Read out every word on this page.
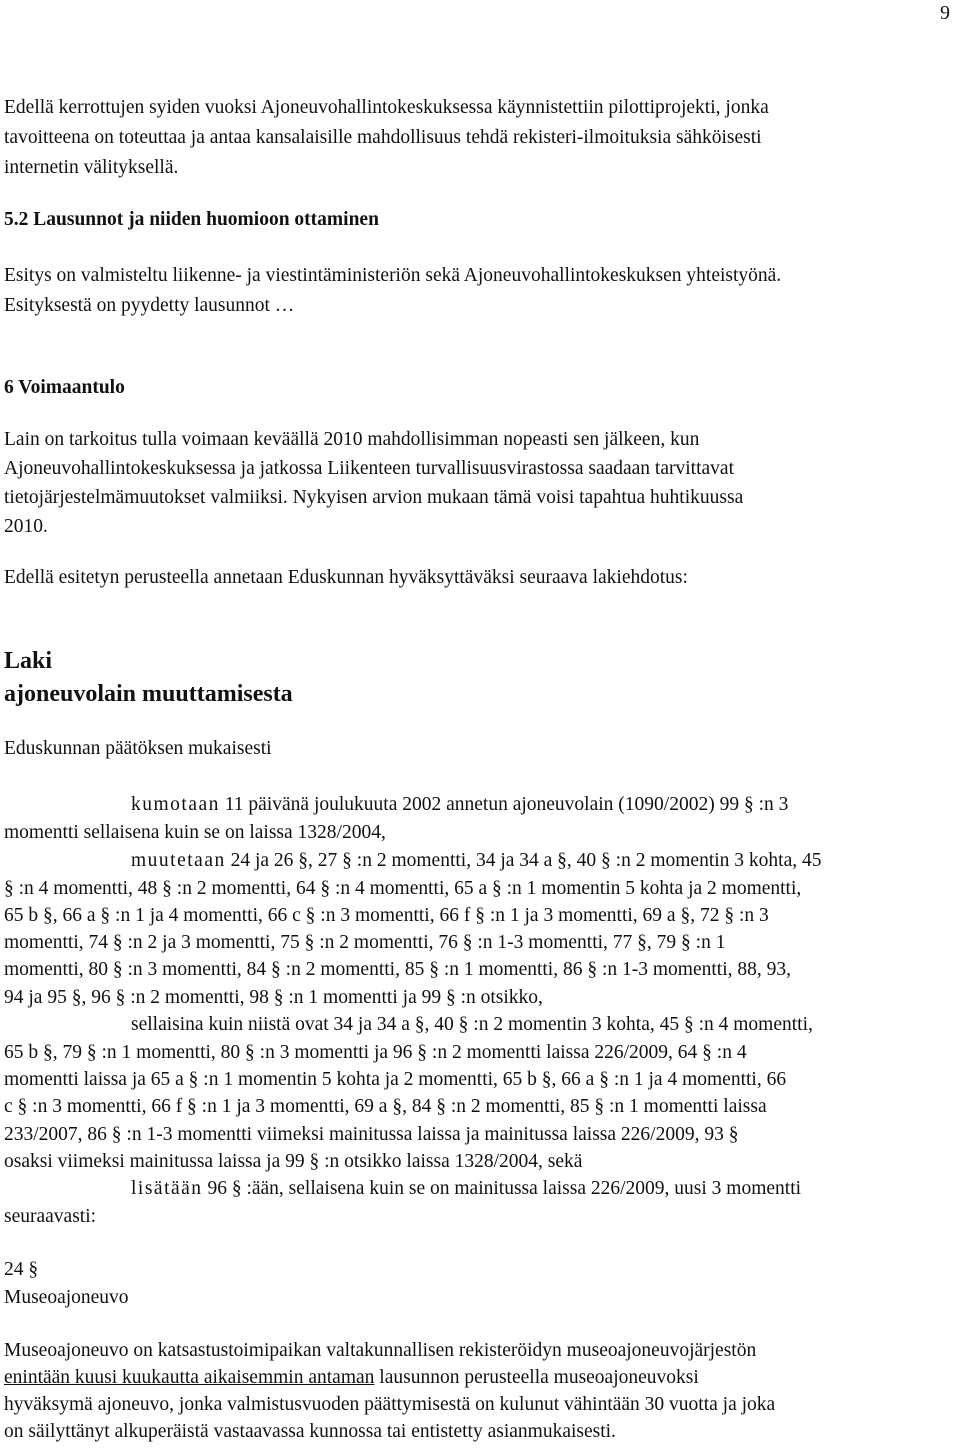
9
Edellä kerrottujen syiden vuoksi Ajoneuvohallintokeskuksessa käynnistettiin pilottiprojekti, jonka
tavoitteena on toteuttaa ja antaa kansalaisille mahdollisuus tehdä rekisteri-ilmoituksia sähköisesti
internetin välityksellä.
5.2 Lausunnot ja niiden huomioon ottaminen
Esitys on valmisteltu liikenne- ja viestintäministeriön sekä Ajoneuvohallintokeskuksen yhteistyönä.
Esityksestä on pyydetty lausunnot …
6 Voimaantulo
Lain on tarkoitus tulla voimaan keväällä 2010 mahdollisimman nopeasti sen jälkeen, kun
Ajoneuvohallintokeskuksessa ja jatkossa Liikenteen turvallisuusvirastossa saadaan tarvittavat
tietojärjestelmämuutokset valmiiksi. Nykyisen arvion mukaan tämä voisi tapahtua huhtikuussa
2010.
Edellä esitetyn perusteella annetaan Eduskunnan hyväksyttäväksi seuraava lakiehdotus:
Laki
ajoneuvolain muuttamisesta
Eduskunnan päätöksen mukaisesti
kumotaan 11 päivänä joulukuuta 2002 annetun ajoneuvolain (1090/2002) 99 § :n 3
momentti sellaisena kuin se on laissa 1328/2004,
muutetaan 24 ja 26 §, 27 § :n 2 momentti, 34 ja 34 a §, 40 § :n 2 momentin 3 kohta, 45
§ :n 4 momentti, 48 § :n 2 momentti, 64 § :n 4 momentti, 65 a § :n 1 momentin 5 kohta ja 2 momentti,
65 b §, 66 a § :n 1 ja 4 momentti, 66 c § :n 3 momentti, 66 f § :n 1 ja 3 momentti, 69 a §, 72 § :n 3
momentti, 74 § :n 2 ja 3 momentti, 75 § :n 2 momentti, 76 § :n 1-3 momentti, 77 §, 79 § :n 1
momentti, 80 § :n 3 momentti, 84 § :n 2 momentti, 85 § :n 1 momentti, 86 § :n 1-3 momentti, 88, 93,
94 ja 95 §, 96 § :n 2 momentti, 98 § :n 1 momentti ja 99 § :n otsikko,
sellaisina kuin niistä ovat 34 ja 34 a §, 40 § :n 2 momentin 3 kohta, 45 § :n 4 momentti,
65 b §, 79 § :n 1 momentti, 80 § :n 3 momentti ja 96 § :n 2 momentti laissa 226/2009, 64 § :n 4
momentti laissa ja 65 a § :n 1 momentin 5 kohta ja 2 momentti, 65 b §, 66 a § :n 1 ja 4 momentti, 66
c § :n 3 momentti, 66 f § :n 1 ja 3 momentti, 69 a §, 84 § :n 2 momentti, 85 § :n 1 momentti laissa
233/2007, 86 § :n 1-3 momentti viimeksi mainitussa laissa ja mainitussa laissa 226/2009, 93 §
osaksi viimeksi mainitussa laissa ja 99 § :n otsikko laissa 1328/2004, sekä
lisätään 96 § :ään, sellaisena kuin se on mainitussa laissa 226/2009, uusi 3 momentti
seuraavasti:
24 §
Museoajoneuvo
Museoajoneuvo on katsastustoimipaikan valtakunnallisen rekisteröidyn museoajoneuvojärjestön
enintään kuusi kuukautta aikaisemmin antaman lausunnon perusteella museoajoneuvoksi
hyväksymä ajoneuvo, jonka valmistusvuoden päättymisestä on kulunut vähintään 30 vuotta ja joka
on säilyttänyt alkuperäistä vastaavassa kunnossa tai entistetty asianmukaisesti.
